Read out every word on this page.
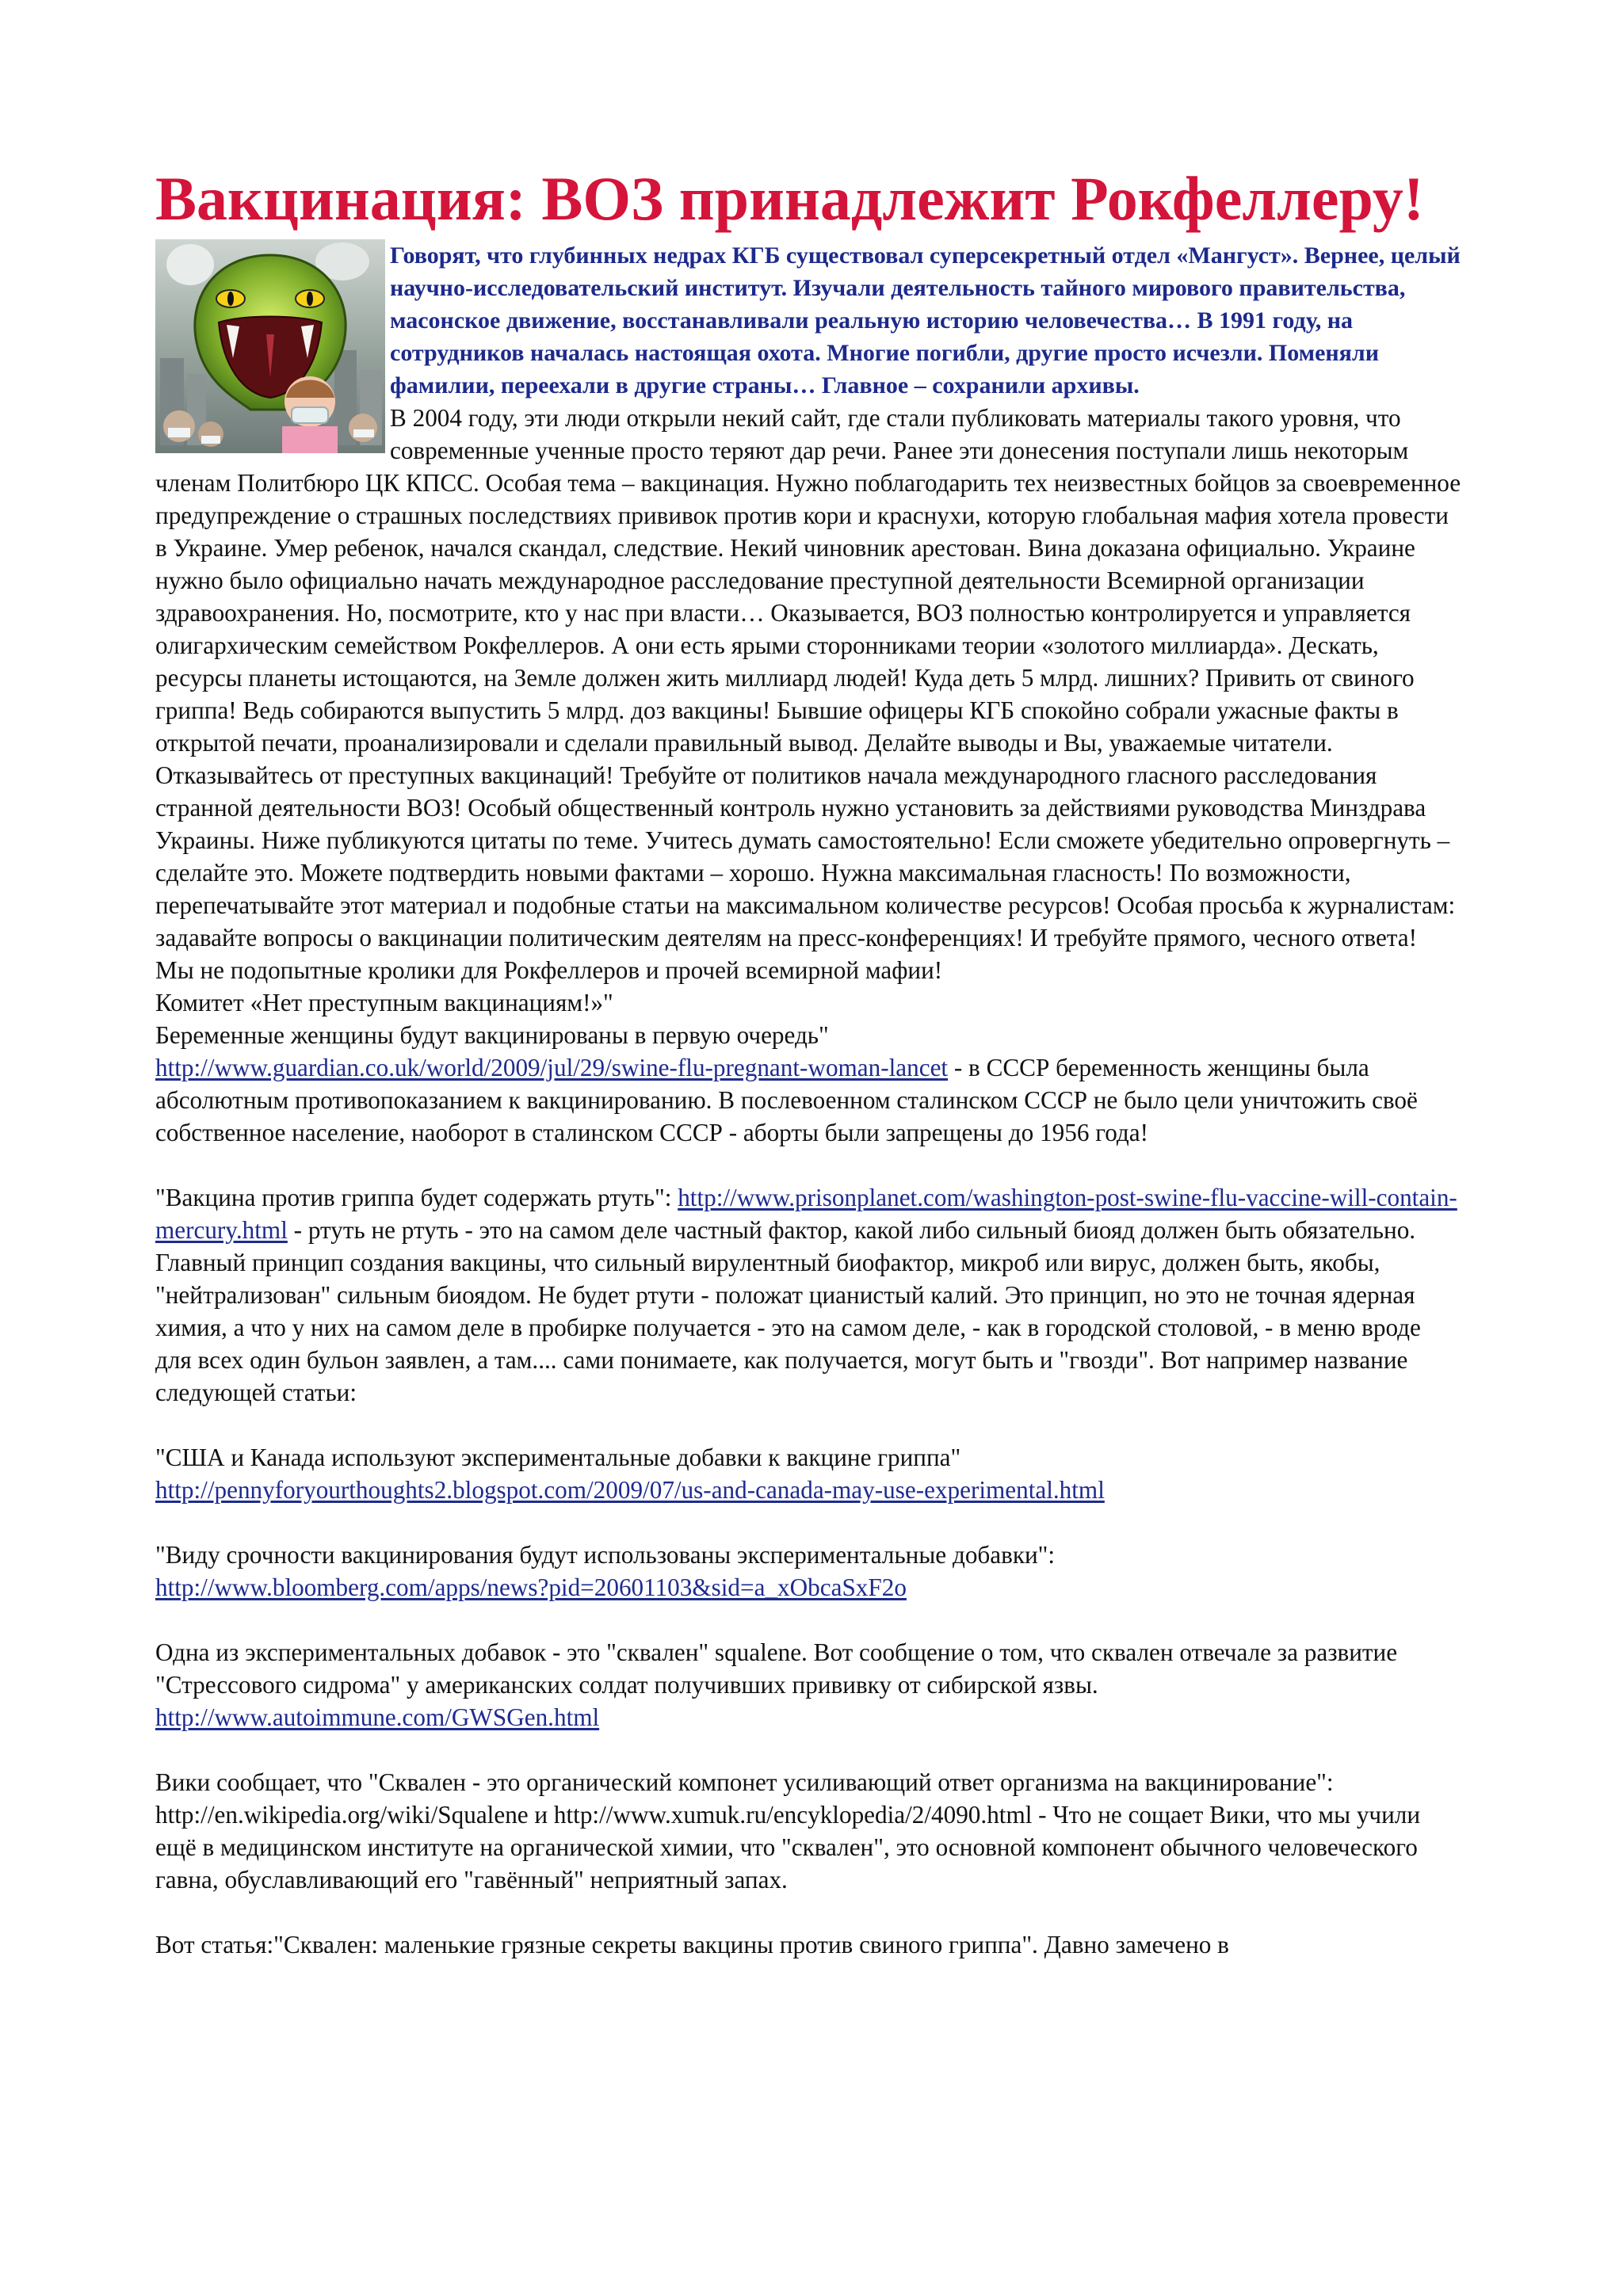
Вакцинация: ВОЗ принадлежит Рокфеллеру!

Говорят, что глубинных недрах КГБ существовал суперсекретный отдел «Мангуст». Вернее, целый научно-исследовательский институт. Изучали деятельность тайного мирового правительства, масонское движение, восстанавливали реальную историю человечества… В 1991 году, на сотрудников началась настоящая охота. Многие погибли, другие просто исчезли. Поменяли фамилии, переехали в другие страны… Главное – сохранили архивы.

В 2004 году, эти люди открыли некий сайт, где стали публиковать материалы такого уровня, что современные ученные просто теряют дар речи. Ранее эти донесения поступали лишь некоторым членам Политбюро ЦК КПСС. Особая тема – вакцинация. Нужно поблагодарить тех неизвестных бойцов за своевременное предупреждение о страшных последствиях прививок против кори и краснухи, которую глобальная мафия хотела провести в Украине. Умер ребенок, начался скандал, следствие. Некий чиновник арестован. Вина доказана официально. Украине нужно было официально начать международное расследование преступной деятельности Всемирной организации здравоохранения. Но, посмотрите, кто у нас при власти… Оказывается, ВОЗ полностью контролируется и управляется олигархическим семейством Рокфеллеров. А они есть ярыми сторонниками теории «золотого миллиарда». Дескать, ресурсы планеты истощаются, на Земле должен жить миллиард людей! Куда деть 5 млрд. лишних? Привить от свиного гриппа! Ведь собираются выпустить 5 млрд. доз вакцины! Бывшие офицеры КГБ спокойно собрали ужасные факты в открытой печати, проанализировали и сделали правильный вывод. Делайте выводы и Вы, уважаемые читатели. Отказывайтесь от преступных вакцинаций! Требуйте от политиков начала международного гласного расследования странной деятельности ВОЗ! Особый общественный контроль нужно установить за действиями руководства Минздрава Украины. Ниже публикуются цитаты по теме. Учитесь думать самостоятельно! Если сможете убедительно опровергнуть – сделайте это. Можете подтвердить новыми фактами – хорошо. Нужна максимальная гласность! По возможности, перепечатывайте этот материал и подобные статьи на максимальном количестве ресурсов! Особая просьба к журналистам: задавайте вопросы о вакцинации политическим деятелям на пресс-конференциях! И требуйте прямого, чесного ответа! Мы не подопытные кролики для Рокфеллеров и прочей всемирной мафии!

Комитет «Нет преступным вакцинациям!»"

Беременные женщины будут вакцинированы в первую очередь"

http://www.guardian.co.uk/world/2009/jul/29/swine-flu-pregnant-woman-lancet - в СССР беременность женщины была абсолютным противопоказанием к вакцинированию. В послевоенном сталинском СССР не было цели уничтожить своё собственное население, наоборот в сталинском СССР - аборты были запрещены до 1956 года!

"Вакцина против гриппа будет содержать ртуть": http://www.prisonplanet.com/washington-post-swine-flu-vaccine-will-contain-mercury.html - ртуть не ртуть - это на самом деле частный фактор, какой либо сильный биояд должен быть обязательно. Главный принцип создания вакцины, что сильный вирулентный биофактор, микроб или вирус, должен быть, якобы, "нейтрализован" сильным биоядом. Не будет ртути - положат цианистый калий. Это принцип, но это не точная ядерная химия, а что у них на самом деле в пробирке получается - это на самом деле, - как в городской столовой, - в меню вроде для всех один бульон заявлен, а там.... сами понимаете, как получается, могут быть и "гвозди". Вот например название следующей статьи:

"США и Канада используют экспериментальные добавки к вакцине гриппа"

http://pennyforyourthoughts2.blogspot.com/2009/07/us-and-canada-may-use-experimental.html

"Виду срочности вакцинирования будут использованы экспериментальные добавки":

http://www.bloomberg.com/apps/news?pid=20601103&sid=a_xObcaSxF2o

Одна из экспериментальных добавок - это "сквален" squalene. Вот сообщение о том, что сквален отвечале за развитие "Стрессового сидрома" у американских солдат получивших прививку от сибирской язвы.

http://www.autoimmune.com/GWSGen.html

Вики сообщает, что "Сквален - это органический компонет усиливающий ответ организма на вакцинирование": http://en.wikipedia.org/wiki/Squalene и http://www.xumuk.ru/encyklopedia/2/4090.html - Что не сощает Вики, что мы учили ещё в медицинском институте на органической химии, что "сквален", это основной компонент обычного человеческого гавна, обуславливающий его "гавённый" неприятный запах.

Вот статья:"Сквален: маленькие грязные секреты вакцины против свиного гриппа". Давно замечено в
